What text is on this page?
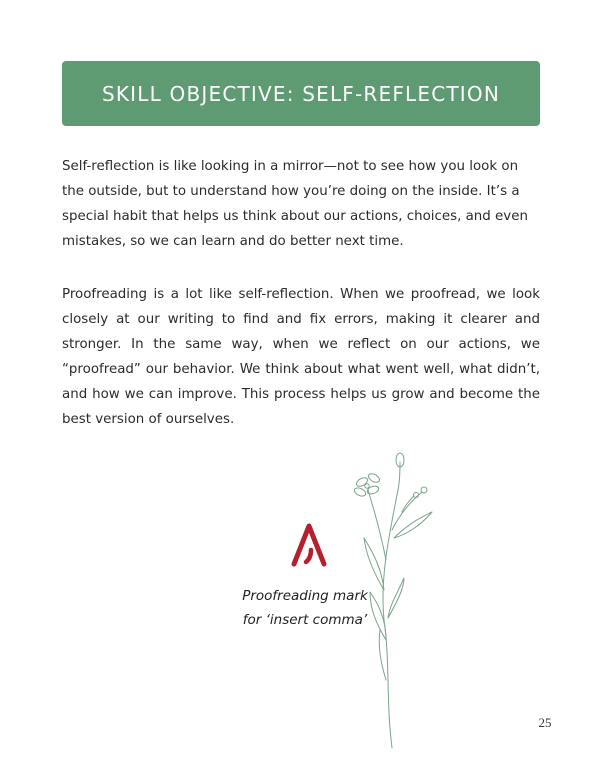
SKILL OBJECTIVE: SELF-REFLECTION

Self-reflection is like looking in a mirror—not to see how you look on the outside, but to understand how you’re doing on the inside. It’s a special habit that helps us think about our actions, choices, and even mistakes, so we can learn and do better next time.

Proofreading is a lot like self-reflection. When we proofread, we look closely at our writing to find and fix errors, making it clearer and stronger. In the same way, when we reflect on our actions, we “proofread” our behavior. We think about what went well, what didn’t, and how we can improve. This process helps us grow and become the best version of ourselves.

Proofreading mark
for ‘insert comma’
25
